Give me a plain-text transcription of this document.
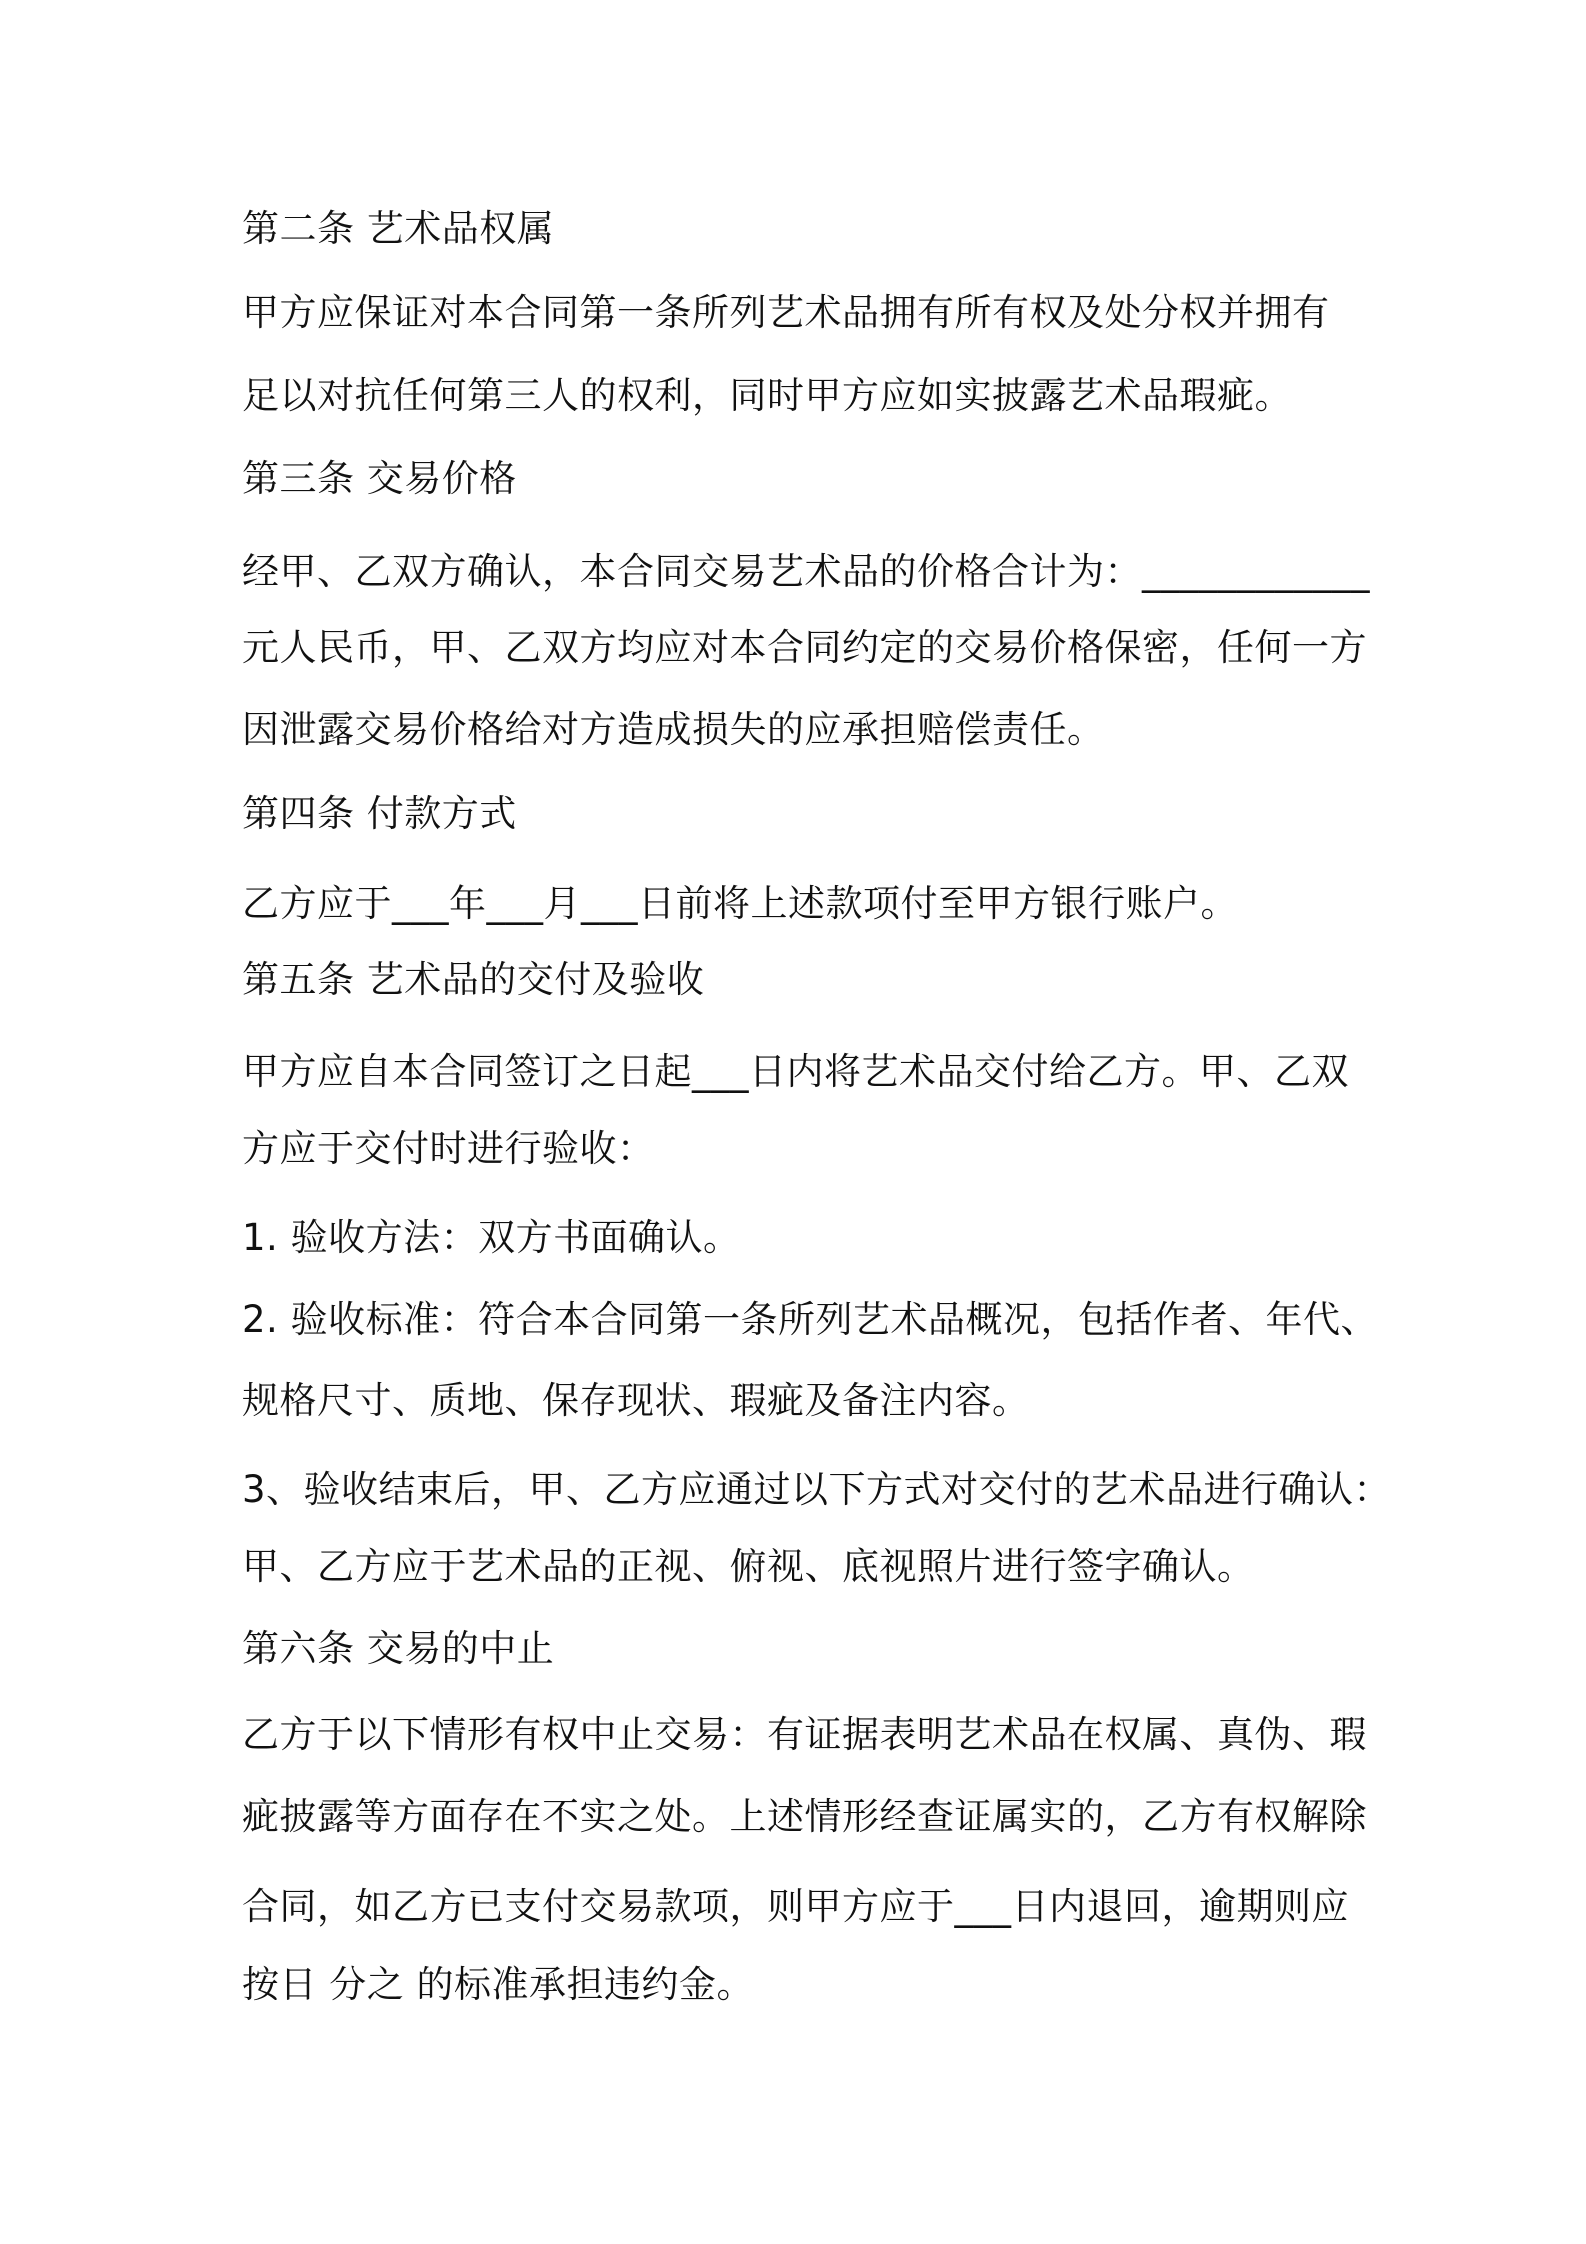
第二条 艺术品权属
甲方应保证对本合同第一条所列艺术品拥有所有权及处分权并拥有
足以对抗任何第三人的权利，同时甲方应如实披露艺术品瑕疵。
第三条 交易价格
经甲、乙双方确认，本合同交易艺术品的价格合计为：____________
元人民币，甲、乙双方均应对本合同约定的交易价格保密，任何一方
因泄露交易价格给对方造成损失的应承担赔偿责任。
第四条 付款方式
乙方应于___年___月___日前将上述款项付至甲方银行账户。
第五条 艺术品的交付及验收
甲方应自本合同签订之日起___日内将艺术品交付给乙方。甲、乙双
方应于交付时进行验收：
1. 验收方法：双方书面确认。
2. 验收标准：符合本合同第一条所列艺术品概况，包括作者、年代、
规格尺寸、质地、保存现状、瑕疵及备注内容。
3、验收结束后，甲、乙方应通过以下方式对交付的艺术品进行确认：
甲、乙方应于艺术品的正视、俯视、底视照片进行签字确认。
第六条 交易的中止
乙方于以下情形有权中止交易：有证据表明艺术品在权属、真伪、瑕
疵披露等方面存在不实之处。上述情形经查证属实的，乙方有权解除
合同，如乙方已支付交易款项，则甲方应于___日内退回，逾期则应
按日 分之 的标准承担违约金。
